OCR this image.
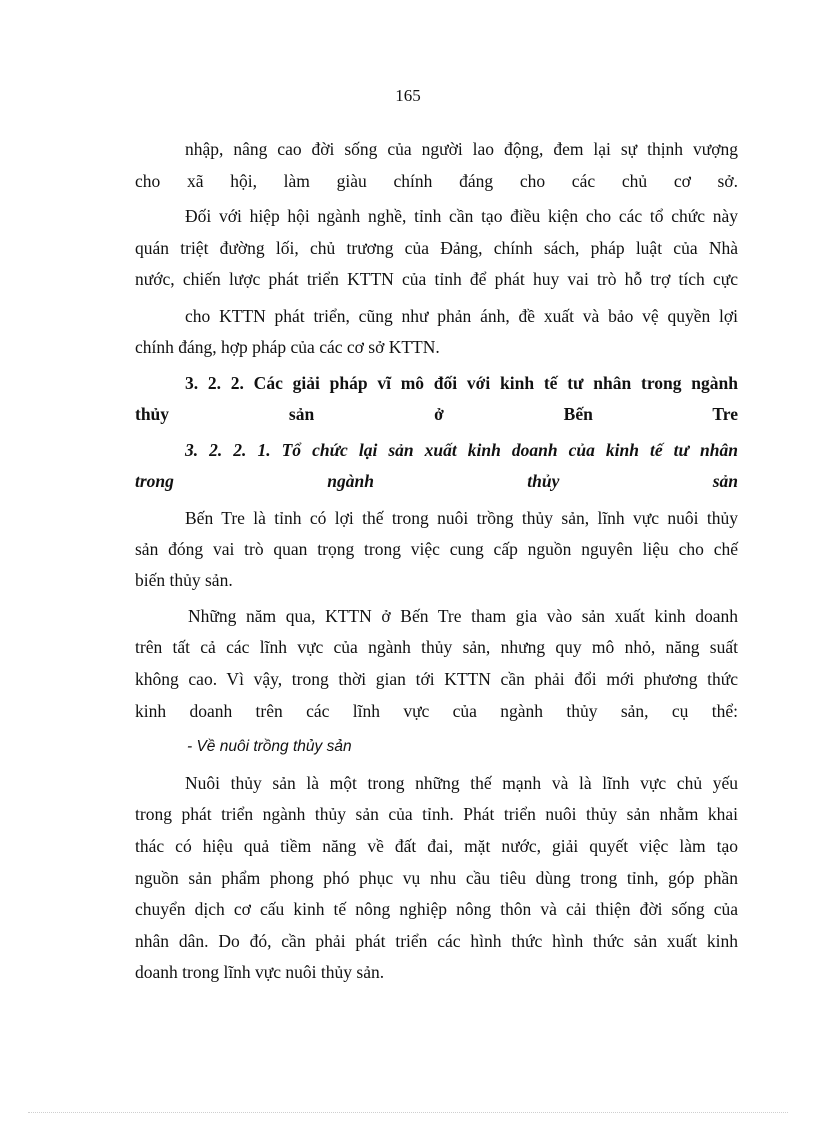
165
nhập, nâng cao đời sống của người lao động, đem lại sự thịnh vượng
cho xã hội, làm giàu chính đáng cho các chủ cơ sở.
Đối với hiệp hội ngành nghề, tỉnh cần tạo điều kiện cho các tổ chức này
quán triệt đường lối, chủ trương của Đảng, chính sách, pháp luật của Nhà
nước, chiến lược phát triển KTTN của tỉnh để phát huy vai trò hỗ trợ tích cực
cho KTTN phát triển, cũng như phản ánh, đề xuất và bảo vệ quyền lợi
chính đáng, hợp pháp của các cơ sở KTTN.
3. 2. 2. Các giải pháp vĩ mô đối với kinh tế tư nhân trong ngành
thủy sản ở Bến Tre
3. 2. 2. 1. Tổ chức lại sản xuất kinh doanh của kinh tế tư nhân
trong ngành thủy sản
Bến Tre là tỉnh có lợi thế trong nuôi trồng thủy sản, lĩnh vực nuôi thủy
sản đóng vai trò quan trọng trong việc cung cấp nguồn nguyên liệu cho chế
biến thủy sản.
Những năm qua, KTTN ở Bến Tre tham gia vào sản xuất kinh doanh
trên tất cả các lĩnh vực của ngành thủy sản, nhưng quy mô nhỏ, năng suất
không cao. Vì vậy, trong thời gian tới KTTN cần phải đổi mới phương thức
kinh doanh trên các lĩnh vực của ngành thủy sản, cụ thể:
- Về nuôi trồng thủy sản
Nuôi thủy sản là một trong những thế mạnh và là lĩnh vực chủ yếu
trong phát triển ngành thủy sản của tỉnh. Phát triển nuôi thủy sản nhằm khai
thác có hiệu quả tiềm năng về đất đai, mặt nước, giải quyết việc làm tạo
nguồn sản phẩm phong phó phục vụ nhu cầu tiêu dùng trong tỉnh, góp phần
chuyển dịch cơ cấu kinh tế nông nghiệp nông thôn và cải thiện đời sống của
nhân dân. Do đó, cần phải phát triển các hình thức hình thức sản xuất kinh
doanh trong lĩnh vực nuôi thủy sản.
